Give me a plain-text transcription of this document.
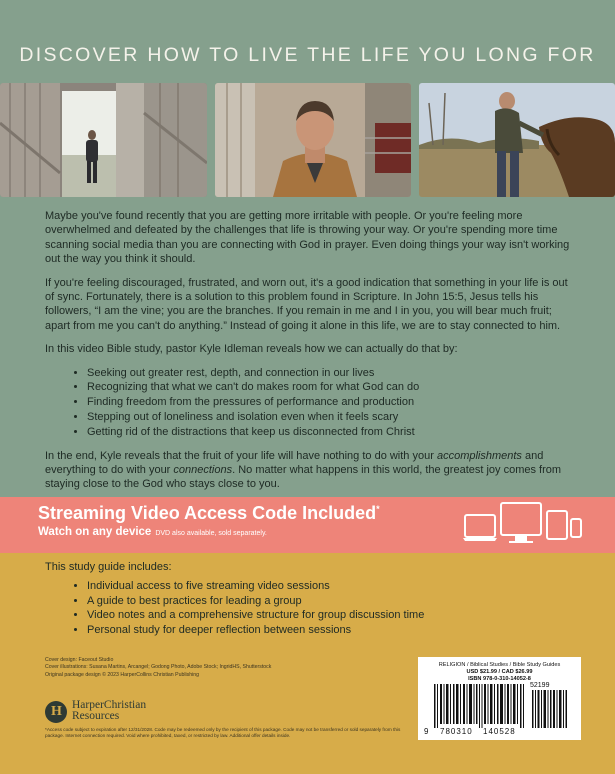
DISCOVER HOW TO LIVE THE LIFE YOU LONG FOR

Maybe you've found recently that you are getting more irritable with people. Or you're feeling more overwhelmed and defeated by the challenges that life is throwing your way. Or you're spending more time scanning social media than you are connecting with God in prayer. Even doing things your way isn't working out the way you think it should.

If you're feeling discouraged, frustrated, and worn out, it's a good indication that something in your life is out of sync. Fortunately, there is a solution to this problem found in Scripture. In John 15:5, Jesus tells his followers, “I am the vine; you are the branches. If you remain in me and I in you, you will bear much fruit; apart from me you can't do anything.” Instead of going it alone in this life, we are to stay connected to him.

In this video Bible study, pastor Kyle Idleman reveals how we can actually do that by:

• Seeking out greater rest, depth, and connection in our lives
• Recognizing that what we can't do makes room for what God can do
• Finding freedom from the pressures of performance and production
• Stepping out of loneliness and isolation even when it feels scary
• Getting rid of the distractions that keep us disconnected from Christ

In the end, Kyle reveals that the fruit of your life will have nothing to do with your accomplishments and everything to do with your connections. No matter what happens in this world, the greatest joy comes from staying close to the God who stays close to you.

Streaming Video Access Code Included*
Watch on any device DVD also available, sold separately.
This study guide includes:
• Individual access to five streaming video sessions
• A guide to best practices for leading a group
• Video notes and a comprehensive structure for group discussion time
• Personal study for deeper reflection between sessions
Cover design: Faceout Studio
Cover illustrations: Susana Martins, Arcangel; Godong Photo, Adobe Stock; IngridHS, Shutterstock
Original package design © 2023 HarperCollins Christian Publishing
H HarperChristian
Resources
*Access code subject to expiration after 12/31/2028. Code may be redeemed only by the recipient of this package. Code may not be transferred or sold separately from this package. Internet connection required. Void where prohibited, taxed, or restricted by law. Additional offer details inside.
RELIGION / Biblical Studies / Bible Study Guides
USD $21.99 / CAD $26.99
ISBN 978-0-310-14052-8
52199
9 780310 140528
